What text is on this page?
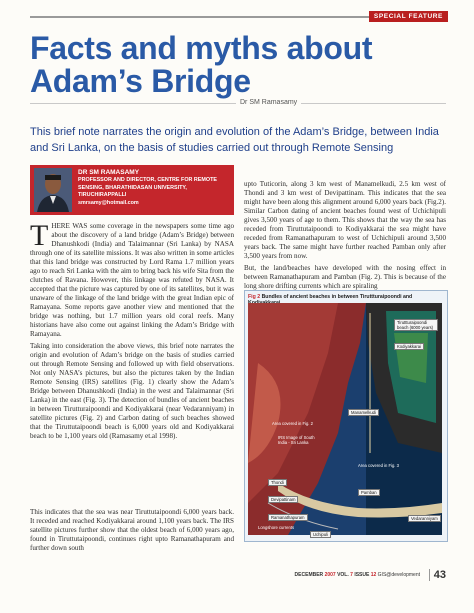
SPECIAL FEATURE
Facts and myths about
Adam’s Bridge
Dr SM Ramasamy
This brief note narrates the origin and evolution of the Adam’s Bridge, between India and Sri Lanka, on the basis of studies carried out through Remote Sensing
DR SM RAMASAMY
PROFESSOR AND DIRECTOR, CENTRE FOR REMOTE SENSING, BHARATHIDASAN UNIVERSITY, TIRUCHIRAPPALLI
smrsamy@hotmail.com

THERE WAS some coverage in the newspapers some time ago about the discovery of a land bridge (Adam’s Bridge) between Dhanushkodi (India) and Talaimannar (Sri Lanka) by NASA through one of its satellite missions. It was also written in some articles that this land bridge was constructed by Lord Rama 1.7 million years ago to reach Sri Lanka with the aim to bring back his wife Sita from the clutches of Ravana. However, this linkage was refuted by NASA. It accepted that the picture was captured by one of its satellites, but it was unaware of the linkage of the land bridge with the great Indian epic of Ramayana. Some reports gave another view and mentioned that the bridge was nothing, but 1.7 million years old coral reefs. Many historians have also come out against linking the Adam’s Bridge with Ramayana.

Taking into consideration the above views, this brief note narrates the origin and evolution of Adam’s bridge on the basis of studies carried out through Remote Sensing and followed up with field observations. Not only NASA’s pictures, but also the pictures taken by the Indian Remote Sensing (IRS) satellites (Fig. 1) clearly show the Adam’s Bridge between Dhanushkodi (India) in the west and Talaimannar (Sri Lanka) in the east (Fig. 3). The detection of bundles of ancient beaches in between Tirutturaipoondi and Kodiyakkarai (near Vedaranniyam) in satellite pictures (Fig. 2) and Carbon dating of such beaches showed that the Tiruttutaipoondi beach is 6,000 years old and Kodiyakkarai beach to be 1,100 years old (Ramasamy et.al 1998).

This indicates that the sea was near Tiruttutaipoondi 6,000 years back. It receded and reached Kodiyakkarai around 1,100 years back. The IRS satellite pictures further show that the oldest beach of 6,000 years ago, found in Tiruttutaipoondi, continues right upto Ramanathapuram and further down south

upto Tuticorin, along 3 km west of Manamelkudi, 2.5 km west of Thondi and 3 km west of Devipattinam. This indicates that the sea might have been along this alignment around 6,000 years back (Fig.2). Similar Carbon dating of ancient beaches found west of Uchichipuli gives 3,500 years of age to them. This shows that the way the sea has receded from Tiruttutaipoondi to Kodiyakkarai the sea might have receded from Ramanathapuram to west of Uchichipuli around 3,500 years back. The same might have further reached Pamban only after 3,500 years from now.

But, the land/beaches have developed with the nosing effect in between Ramanathapuram and Pamban (Fig. 2). This is because of the long shore drifting currents which are spiraling

Fig 2 Bundles of ancient beaches in between Tiruttturaipoondi and
Tiruttturaipoondi beach (6000 years)
Kodiyakkarai
Manamelkudi
Thondi
Devipattinam
Ramanathapuram
Uchipuli
Pamban
Vedaranniyam
Area covered in Fig. 2
IRS Image of South India - Sri Lanka
Area covered in Fig. 3
Longshore currents
DECEMBER 2007 VOL. 7 ISSUE 12 GIS@development	43
